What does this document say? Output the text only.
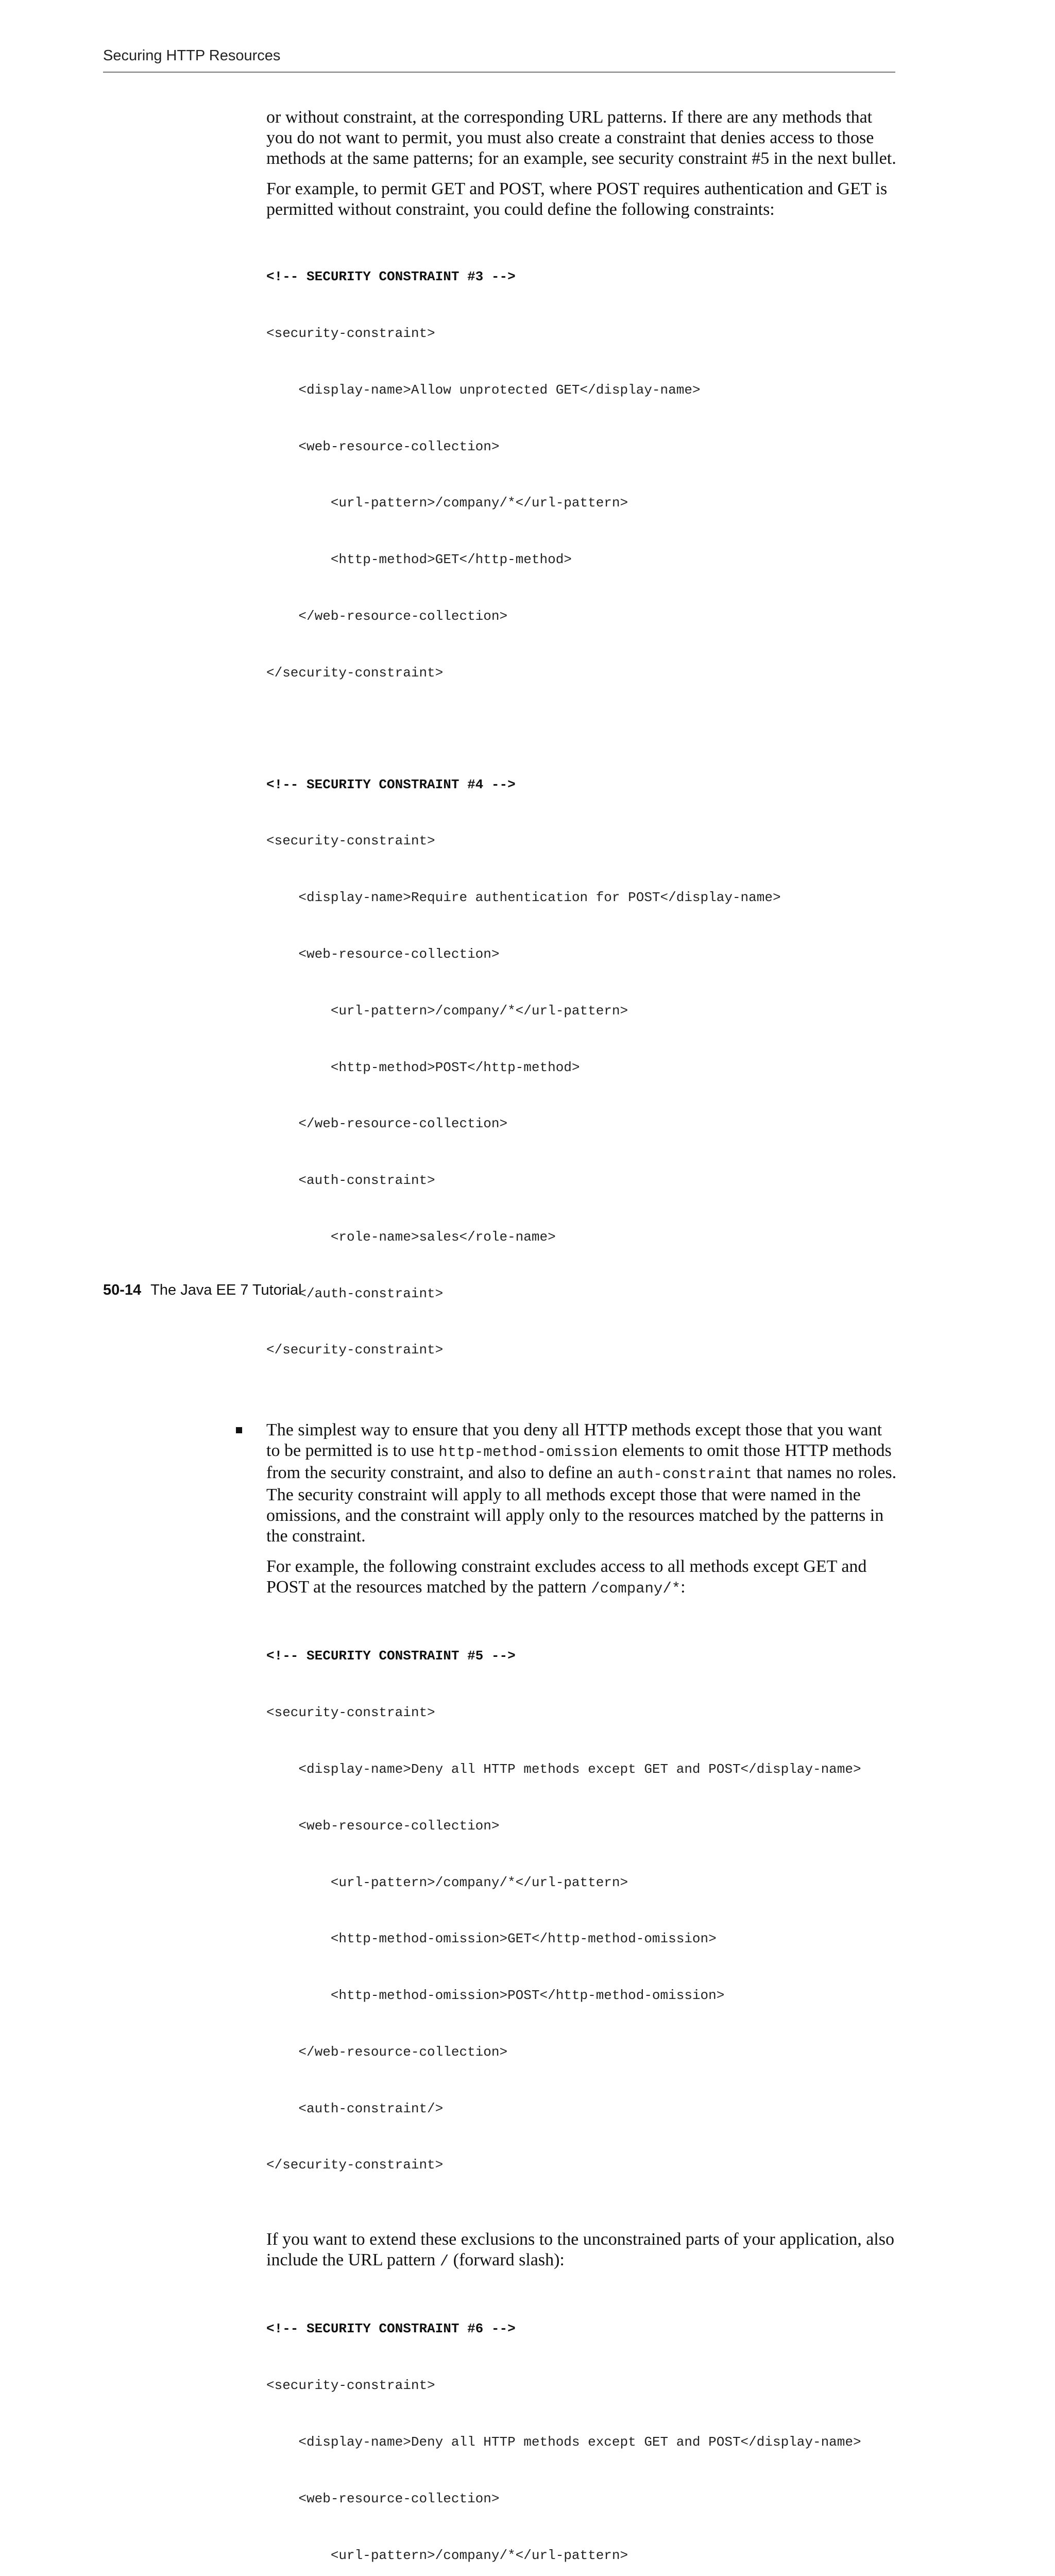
Securing HTTP Resources

or without constraint, at the corresponding URL patterns. If there are any methods that you do not want to permit, you must also create a constraint that denies access to those methods at the same patterns; for an example, see security constraint #5 in the next bullet.

For example, to permit GET and POST, where POST requires authentication and GET is permitted without constraint, you could define the following constraints:

<!-- SECURITY CONSTRAINT #3 -->

<security-constraint>

<display-name>Allow unprotected GET</display-name>

<web-resource-collection>

<url-pattern>/company/*</url-pattern>

<http-method>GET</http-method>

</web-resource-collection>

</security-constraint>

<!-- SECURITY CONSTRAINT #4 -->

<security-constraint>

<display-name>Require authentication for POST</display-name>

<web-resource-collection>

<url-pattern>/company/*</url-pattern>

<http-method>POST</http-method>

</web-resource-collection>

<auth-constraint>

<role-name>sales</role-name>

</auth-constraint>

</security-constraint>

The simplest way to ensure that you deny all HTTP methods except those that you want to be permitted is to use http-method-omission elements to omit those HTTP methods from the security constraint, and also to define an auth-constraint that names no roles. The security constraint will apply to all methods except those that were named in the omissions, and the constraint will apply only to the resources matched by the patterns in the constraint.

For example, the following constraint excludes access to all methods except GET and POST at the resources matched by the pattern /company/*:

<!-- SECURITY CONSTRAINT #5 -->

<security-constraint>

<display-name>Deny all HTTP methods except GET and POST</display-name>

<web-resource-collection>

<url-pattern>/company/*</url-pattern>

<http-method-omission>GET</http-method-omission>

<http-method-omission>POST</http-method-omission>

</web-resource-collection>

<auth-constraint/>

</security-constraint>

If you want to extend these exclusions to the unconstrained parts of your application, also include the URL pattern / (forward slash):

<!-- SECURITY CONSTRAINT #6 -->

<security-constraint>

<display-name>Deny all HTTP methods except GET and POST</display-name>

<web-resource-collection>

<url-pattern>/company/*</url-pattern>

50-14 The Java EE 7 Tutorial
